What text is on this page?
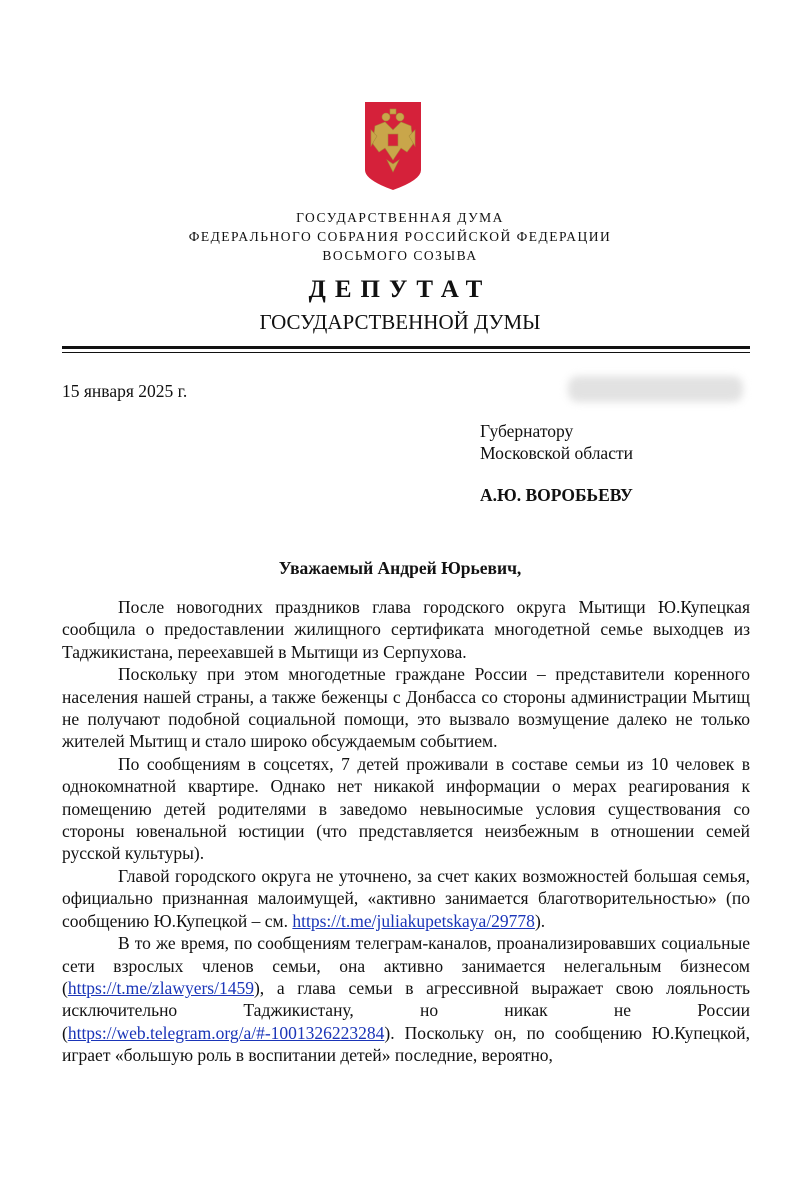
ГОСУДАРСТВЕННАЯ ДУМА
ФЕДЕРАЛЬНОГО СОБРАНИЯ РОССИЙСКОЙ ФЕДЕРАЦИИ
ВОСЬМОГО СОЗЫВА
ДЕПУТАТ
ГОСУДАРСТВЕННОЙ ДУМЫ
15 января 2025 г.
Губернатору
Московской области
А.Ю. ВОРОБЬЕВУ
Уважаемый Андрей Юрьевич,

После новогодних праздников глава городского округа Мытищи Ю.Купецкая сообщила о предоставлении жилищного сертификата многодетной семье выходцев из Таджикистана, переехавшей в Мытищи из Серпухова.

Поскольку при этом многодетные граждане России – представители коренного населения нашей страны, а также беженцы с Донбасса со стороны администрации Мытищ не получают подобной социальной помощи, это вызвало возмущение далеко не только жителей Мытищ и стало широко обсуждаемым событием.

По сообщениям в соцсетях, 7 детей проживали в составе семьи из 10 человек в однокомнатной квартире. Однако нет никакой информации о мерах реагирования к помещению детей родителями в заведомо невыносимые условия существования со стороны ювенальной юстиции (что представляется неизбежным в отношении семей русской культуры).

Главой городского округа не уточнено, за счет каких возможностей большая семья, официально признанная малоимущей, «активно занимается благотворительностью» (по сообщению Ю.Купецкой – см. https://t.me/juliakupetskaya/29778).

В то же время, по сообщениям телеграм-каналов, проанализировавших социальные сети взрослых членов семьи, она активно занимается нелегальным бизнесом (https://t.me/zlawyers/1459), а глава семьи в агрессивной выражает свою лояльность исключительно Таджикистану, но никак не России (https://web.telegram.org/a/#-1001326223284). Поскольку он, по сообщению Ю.Купецкой, играет «большую роль в воспитании детей» последние, вероятно,
